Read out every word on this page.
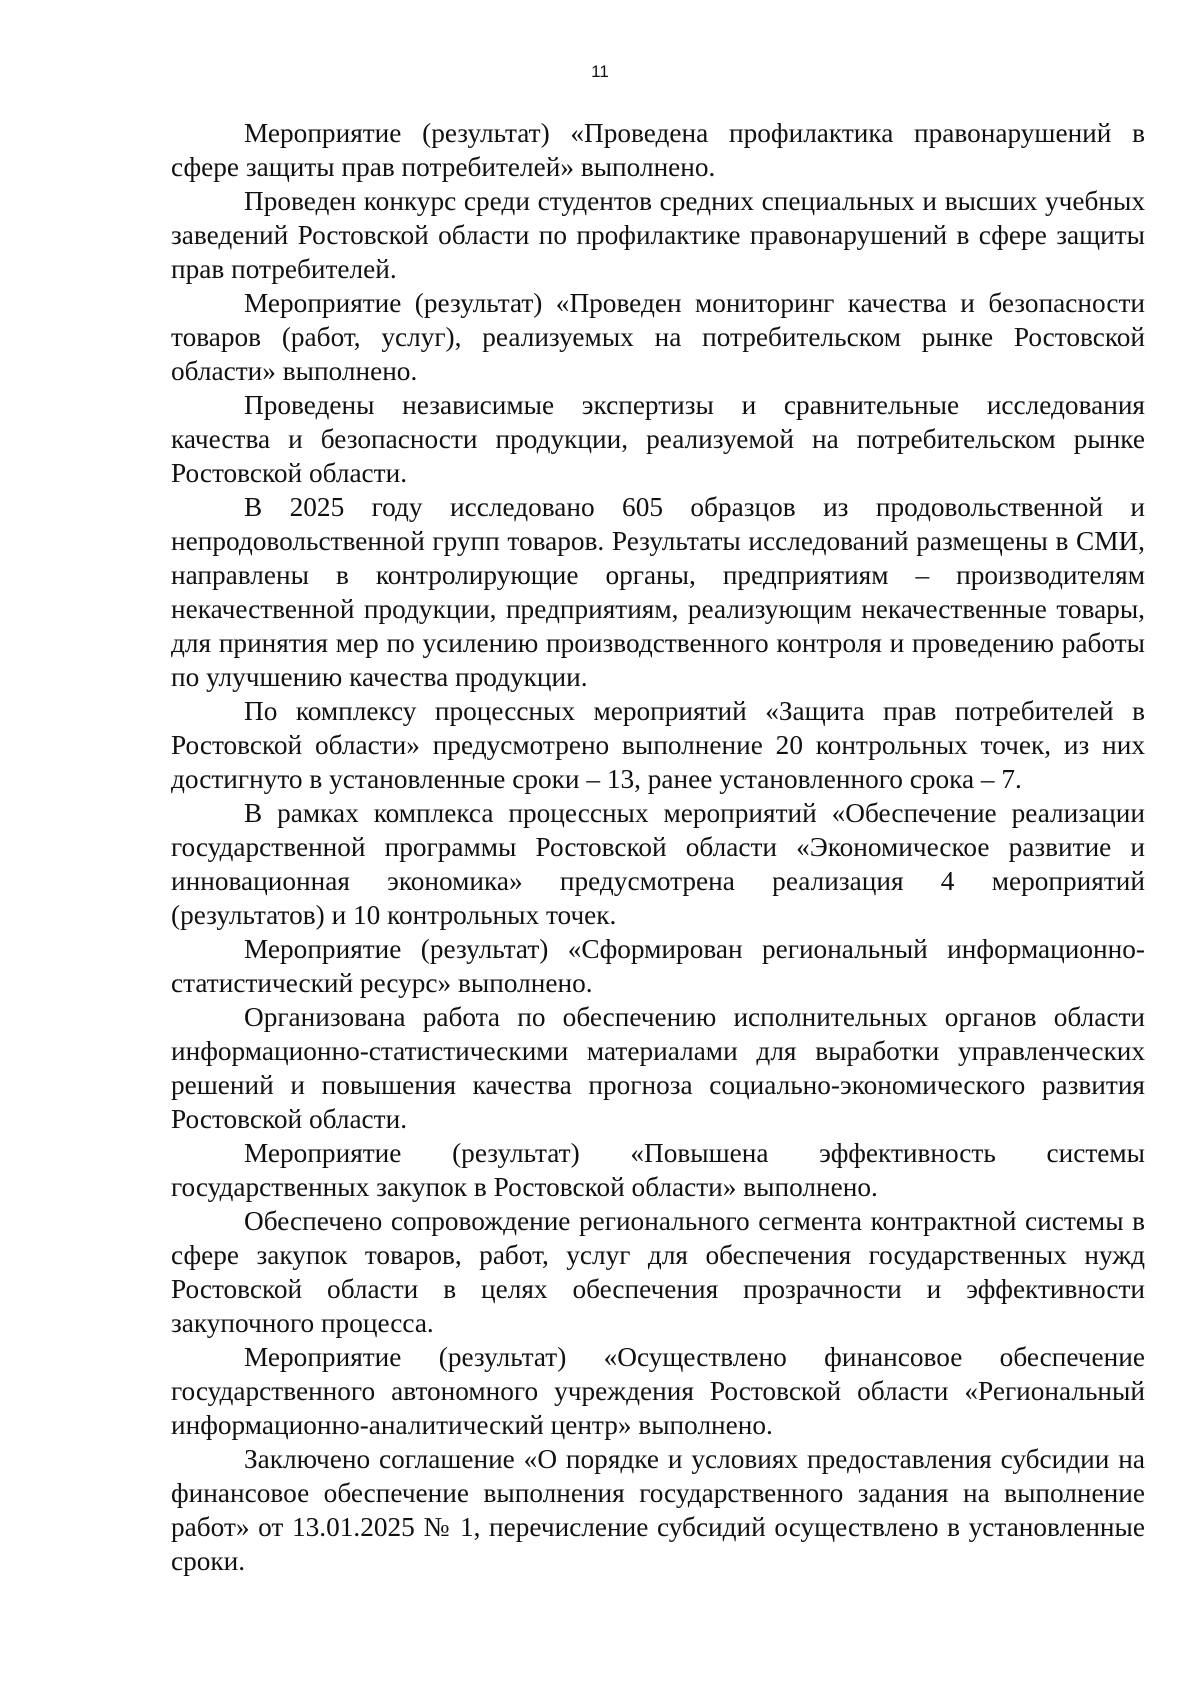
11

Мероприятие (результат) «Проведена профилактика правонарушений в сфере защиты прав потребителей» выполнено.

Проведен конкурс среди студентов средних специальных и высших учебных заведений Ростовской области по профилактике правонарушений в сфере защиты прав потребителей.

Мероприятие (результат) «Проведен мониторинг качества и безопасности товаров (работ, услуг), реализуемых на потребительском рынке Ростовской области» выполнено.

Проведены независимые экспертизы и сравнительные исследования качества и безопасности продукции, реализуемой на потребительском рынке Ростовской области.

В 2025 году исследовано 605 образцов из продовольственной и непродовольственной групп товаров. Результаты исследований размещены в СМИ, направлены в контролирующие органы, предприятиям – производителям некачественной продукции, предприятиям, реализующим некачественные товары, для принятия мер по усилению производственного контроля и проведению работы по улучшению качества продукции.

По комплексу процессных мероприятий «Защита прав потребителей в Ростовской области» предусмотрено выполнение 20 контрольных точек, из них достигнуто в установленные сроки – 13, ранее установленного срока – 7.

В рамках комплекса процессных мероприятий «Обеспечение реализации государственной программы Ростовской области «Экономическое развитие и инновационная экономика» предусмотрена реализация 4 мероприятий (результатов) и 10 контрольных точек.

Мероприятие (результат) «Сформирован региональный информационно-статистический ресурс» выполнено.

Организована работа по обеспечению исполнительных органов области информационно-статистическими материалами для выработки управленческих решений и повышения качества прогноза социально-экономического развития Ростовской области.

Мероприятие (результат) «Повышена эффективность системы государственных закупок в Ростовской области» выполнено.

Обеспечено сопровождение регионального сегмента контрактной системы в сфере закупок товаров, работ, услуг для обеспечения государственных нужд Ростовской области в целях обеспечения прозрачности и эффективности закупочного процесса.

Мероприятие (результат) «Осуществлено финансовое обеспечение государственного автономного учреждения Ростовской области «Региональный информационно-аналитический центр» выполнено.

Заключено соглашение «О порядке и условиях предоставления субсидии на финансовое обеспечение выполнения государственного задания на выполнение работ» от 13.01.2025 № 1, перечисление субсидий осуществлено в установленные сроки.
